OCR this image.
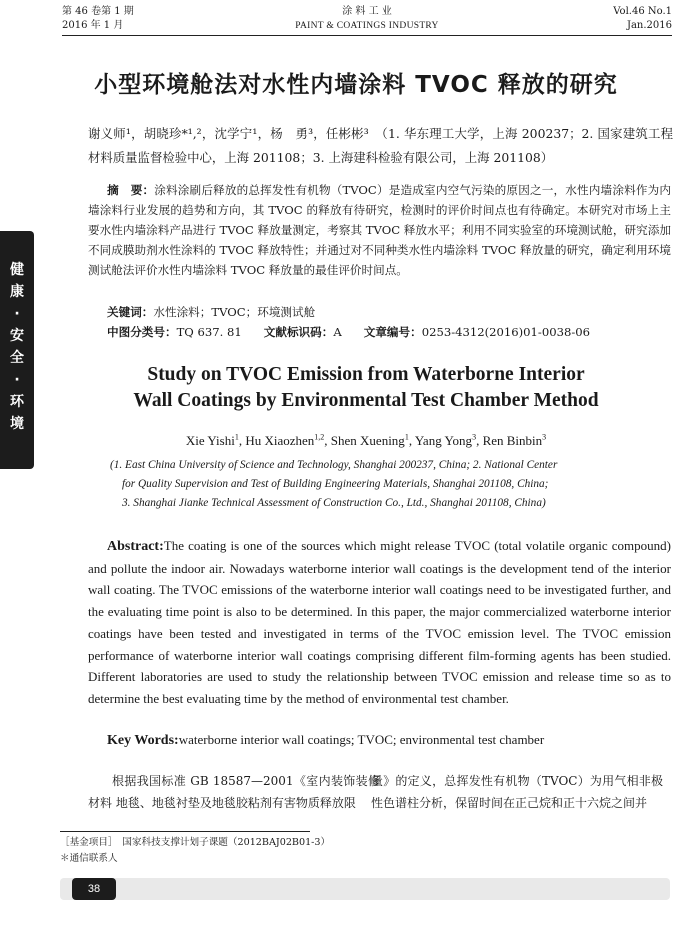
第 46 卷第 1 期
2016 年 1 月
涂 料 工 业
PAINT & COATINGS INDUSTRY
Vol.46 No.1
Jan.2016
健
康
·
安
全
·
环
境
小型环境舱法对水性内墙涂料 TVOC 释放的研究
谢义师¹，胡晓珍*¹,²，沈学宁¹，杨　勇³，任彬彬³　（1. 华东理工大学，上海 200237；2. 国家建筑工程材料质量监督检验中心，上海 201108；3. 上海建科检验有限公司，上海 201108）
摘　要：涂料涂刷后释放的总挥发性有机物（TVOC）是造成室内空气污染的原因之一，水性内墙涂料作为内墙涂料行业发展的趋势和方向，其 TVOC 的释放有待研究，检测时的评价时间点也有待确定。本研究对市场上主要水性内墙涂料产品进行 TVOC 释放量测定，考察其 TVOC 释放水平；利用不同实验室的环境测试舱，研究添加不同成膜助剂水性涂料的 TVOC 释放特性；并通过对不同种类水性内墙涂料 TVOC 释放量的研究，确定利用环境测试舱法评价水性内墙涂料 TVOC 释放量的最佳评价时间点。
关键词：水性涂料；TVOC；环境测试舱
中图分类号：TQ 637. 81 文献标识码：A 文章编号：0253-4312(2016)01-0038-06
Study on TVOC Emission from Waterborne Interior
Wall Coatings by Environmental Test Chamber Method
Xie Yishi$^1$, Hu Xiaozhen$^{1,2}$, Shen Xuening$^1$, Yang Yong$^3$, Ren Binbin$^3$
(1. East China University of Science and Technology, Shanghai 200237, China; 2. National Center
for Quality Supervision and Test of Building Engineering Materials, Shanghai 201108, China;
3. Shanghai Jianke Technical Assessment of Construction Co., Ltd., Shanghai 201108, China)
Abstract:The coating is one of the sources which might release TVOC (total volatile organic compound) and pollute the indoor air. Nowadays waterborne interior wall coatings is the development tend of the interior wall coating. The TVOC emissions of the waterborne interior wall coatings need to be investigated further, and the evaluating time point is also to be determined. In this paper, the major commercialized waterborne interior coatings have been tested and investigated in terms of the TVOC emission level. The TVOC emission performance of waterborne interior wall coatings comprising different film-forming agents has been studied. Different laboratories are used to study the relationship between TVOC emission and release time so as to determine the best evaluating time by the method of environmental test chamber.
Key Words:waterborne interior wall coatings; TVOC; environmental test chamber
根据我国标准 GB 18587—2001《室内装饰装修材料 地毯、地毯衬垫及地毯胶粘剂有害物质释放限
量》的定义，总挥发性有机物（TVOC）为用气相非极性色谱柱分析，保留时间在正己烷和正十六烷之间并
［基金项目］　国家科技支撑计划子课题（2012BAJ02B01-3）
＊通信联系人
38
